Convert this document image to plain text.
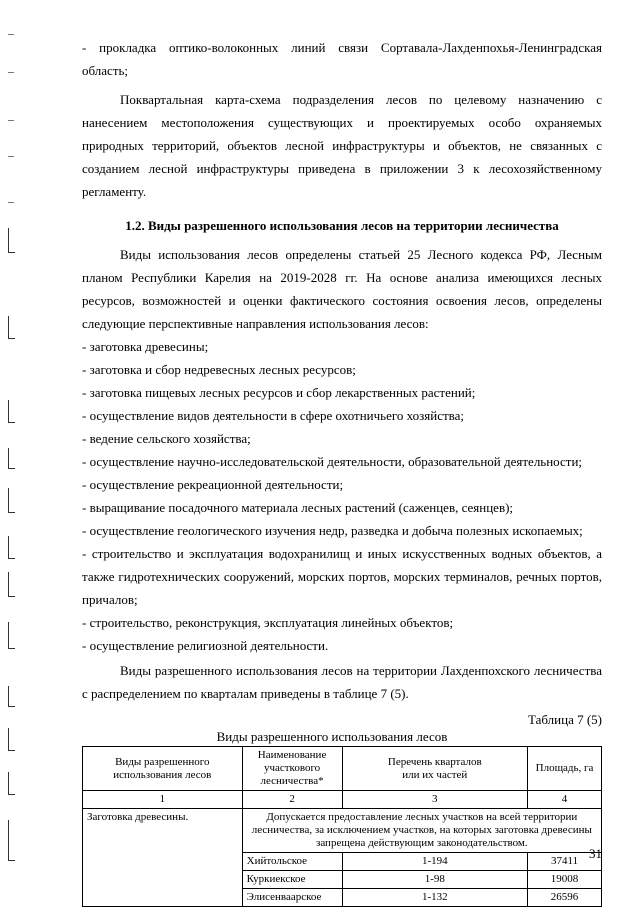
- прокладка оптико-волоконных линий связи Сортавала-Лахденпохья-Ленинградская область;

Поквартальная карта-схема подразделения лесов по целевому назначению с нанесением местоположения существующих и проектируемых особо охраняемых природных территорий, объектов лесной инфраструктуры и объектов, не связанных с созданием лесной инфраструктуры приведена в приложении 3 к лесохозяйственному регламенту.

1.2. Виды разрешенного использования лесов на территории лесничества

Виды использования лесов определены статьей 25 Лесного кодекса РФ, Лесным планом Республики Карелия на 2019-2028 гг. На основе анализа имеющихся лесных ресурсов, возможностей и оценки фактического состояния освоения лесов, определены следующие перспективные направления использования лесов:

- заготовка древесины;

- заготовка и сбор недревесных лесных ресурсов;

- заготовка пищевых лесных ресурсов и сбор лекарственных растений;

- осуществление видов деятельности в сфере охотничьего хозяйства;

- ведение сельского хозяйства;

- осуществление научно-исследовательской деятельности, образовательной деятельности;

- осуществление рекреационной деятельности;

- выращивание посадочного материала лесных растений (саженцев, сеянцев);

- осуществление геологического изучения недр, разведка и добыча полезных ископаемых;

- строительство и эксплуатация водохранилищ и иных искусственных водных объектов, а также гидротехнических сооружений, морских портов, морских терминалов, речных портов, причалов;

- строительство, реконструкция, эксплуатация линейных объектов;

- осуществление религиозной деятельности.

Виды разрешенного использования лесов на территории Лахденпохского лесничества с распределением по кварталам приведены в таблице 7 (5).

Таблица 7 (5)
Виды разрешенного использования лесов
Виды разрешенного использования лесов	Наименование участкового лесничества*	Перечень кварталов или их частей	Площадь, га
1	2	3	4
Заготовка древесины.	Допускается предоставление лесных участков на всей территории лесничества, за исключением участков, на которых заготовка древесины запрещена действующим законодательством.		
	Хийтольское	1-194	37411
	Куркиекское	1-98	19008
	Элисенваарское	1-132	26596
31
